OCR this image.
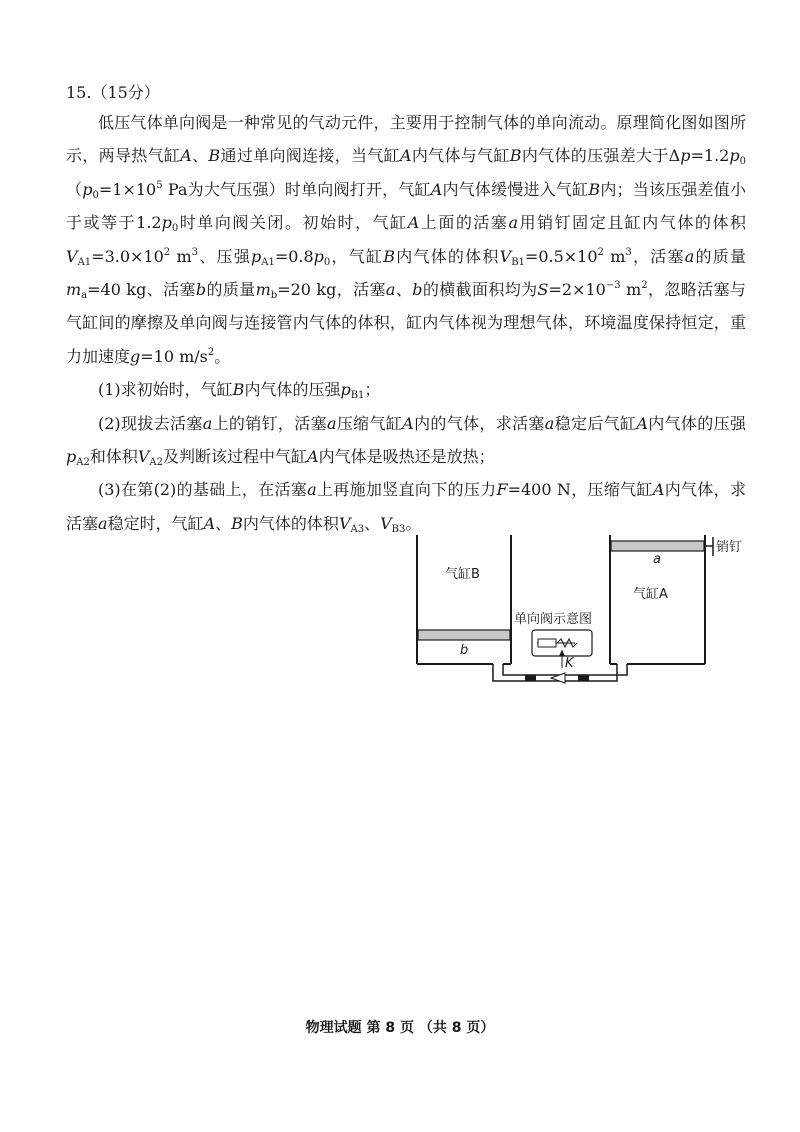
15.（15分）

低压气体单向阀是一种常见的气动元件，主要用于控制气体的单向流动。原理简化图如图所示，两导热气缸A、B通过单向阀连接，当气缸A内气体与气缸B内气体的压强差大于$\Delta p=1.2p_0(p_0=1\times 10^5$ Pa为大气压强）时单向阀打开，气缸A内气体缓慢进入气缸B内；当该压强差值小于或等于$1.2p_0$时单向阀关闭。初始时，气缸A上面的活塞a用销钉固定且缸内气体的体积$V_{A1}=3.0\times 10^2$ $m^3$、压强$p_{A1}=0.8p_0$，气缸B内气体的体积$V_{B1}=0.5\times 10^2$ $m^3$，活塞a的质量$m_a=40$ kg、活塞b的质量$m_b=20$ kg，活塞a、b的横截面积均为$S=2\times 10^{-3}$ $m^2$，忽略活塞与气缸间的摩擦及单向阀与连接管内气体的体积，缸内气体视为理想气体，环境温度保持恒定，重力加速度g=10 $m/s^2$。

(1)求初始时，气缸B内气体的压强$p_{B1}$；

(2)现拔去活塞a上的销钉，活塞a压缩气缸A内的气体，求活塞a稳定后气缸A内气体的压强$p_{A2}$和体积$V_{A2}$及判断该过程中气缸A内气体是吸热还是放热；

(3)在第(2)的基础上，在活塞a上再施加竖直向下的压力F=400 N，压缩气缸A内气体，求活塞a稳定时，气缸A、B内气体的体积$V_{A3}$、$V_{B3}$。

气缸B
b
a
气缸A
销钉
单向阀示意图
K
物理试题 第 8 页 （共 8 页）
